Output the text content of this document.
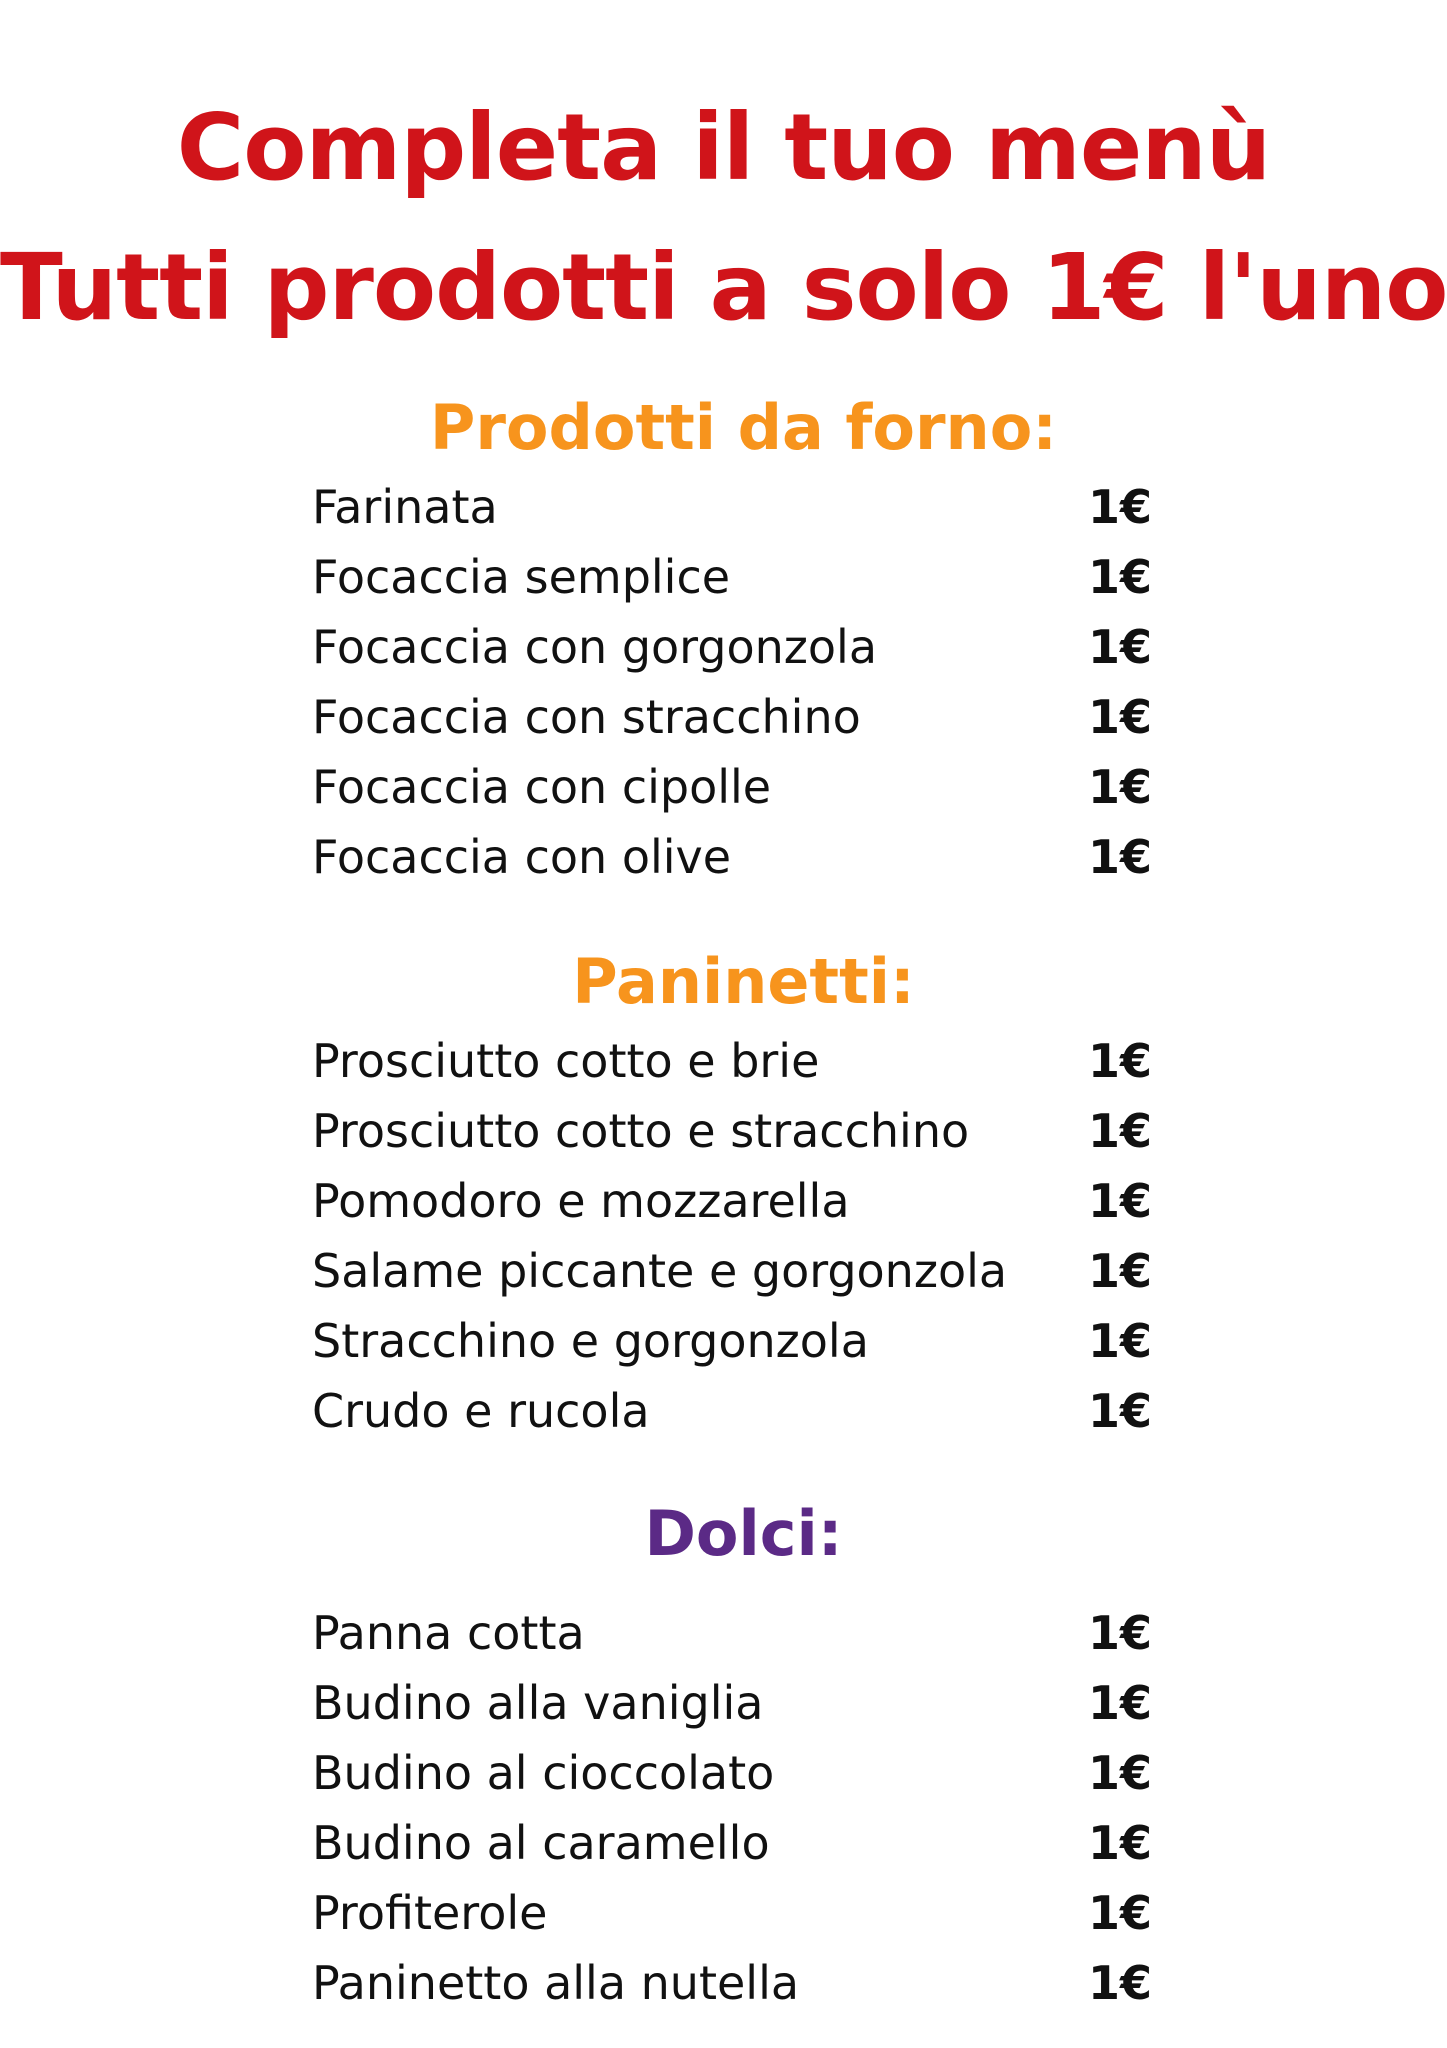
Completa il tuo menù
Tutti prodotti a solo 1€ l'uno
Prodotti da forno:
Farinata	1€
Focaccia semplice	1€
Focaccia con gorgonzola	1€
Focaccia con stracchino	1€
Focaccia con cipolle	1€
Focaccia con olive	1€
Paninetti:
Prosciutto cotto e brie	1€
Prosciutto cotto e stracchino	1€
Pomodoro e mozzarella	1€
Salame piccante e gorgonzola 1€
Stracchino e gorgonzola	1€
Crudo e rucola	1€
Dolci:
Panna cotta	1€
Budino alla vaniglia	1€
Budino al cioccolato	1€
Budino al caramello	1€
Profiterole	1€
Paninetto alla nutella	1€
